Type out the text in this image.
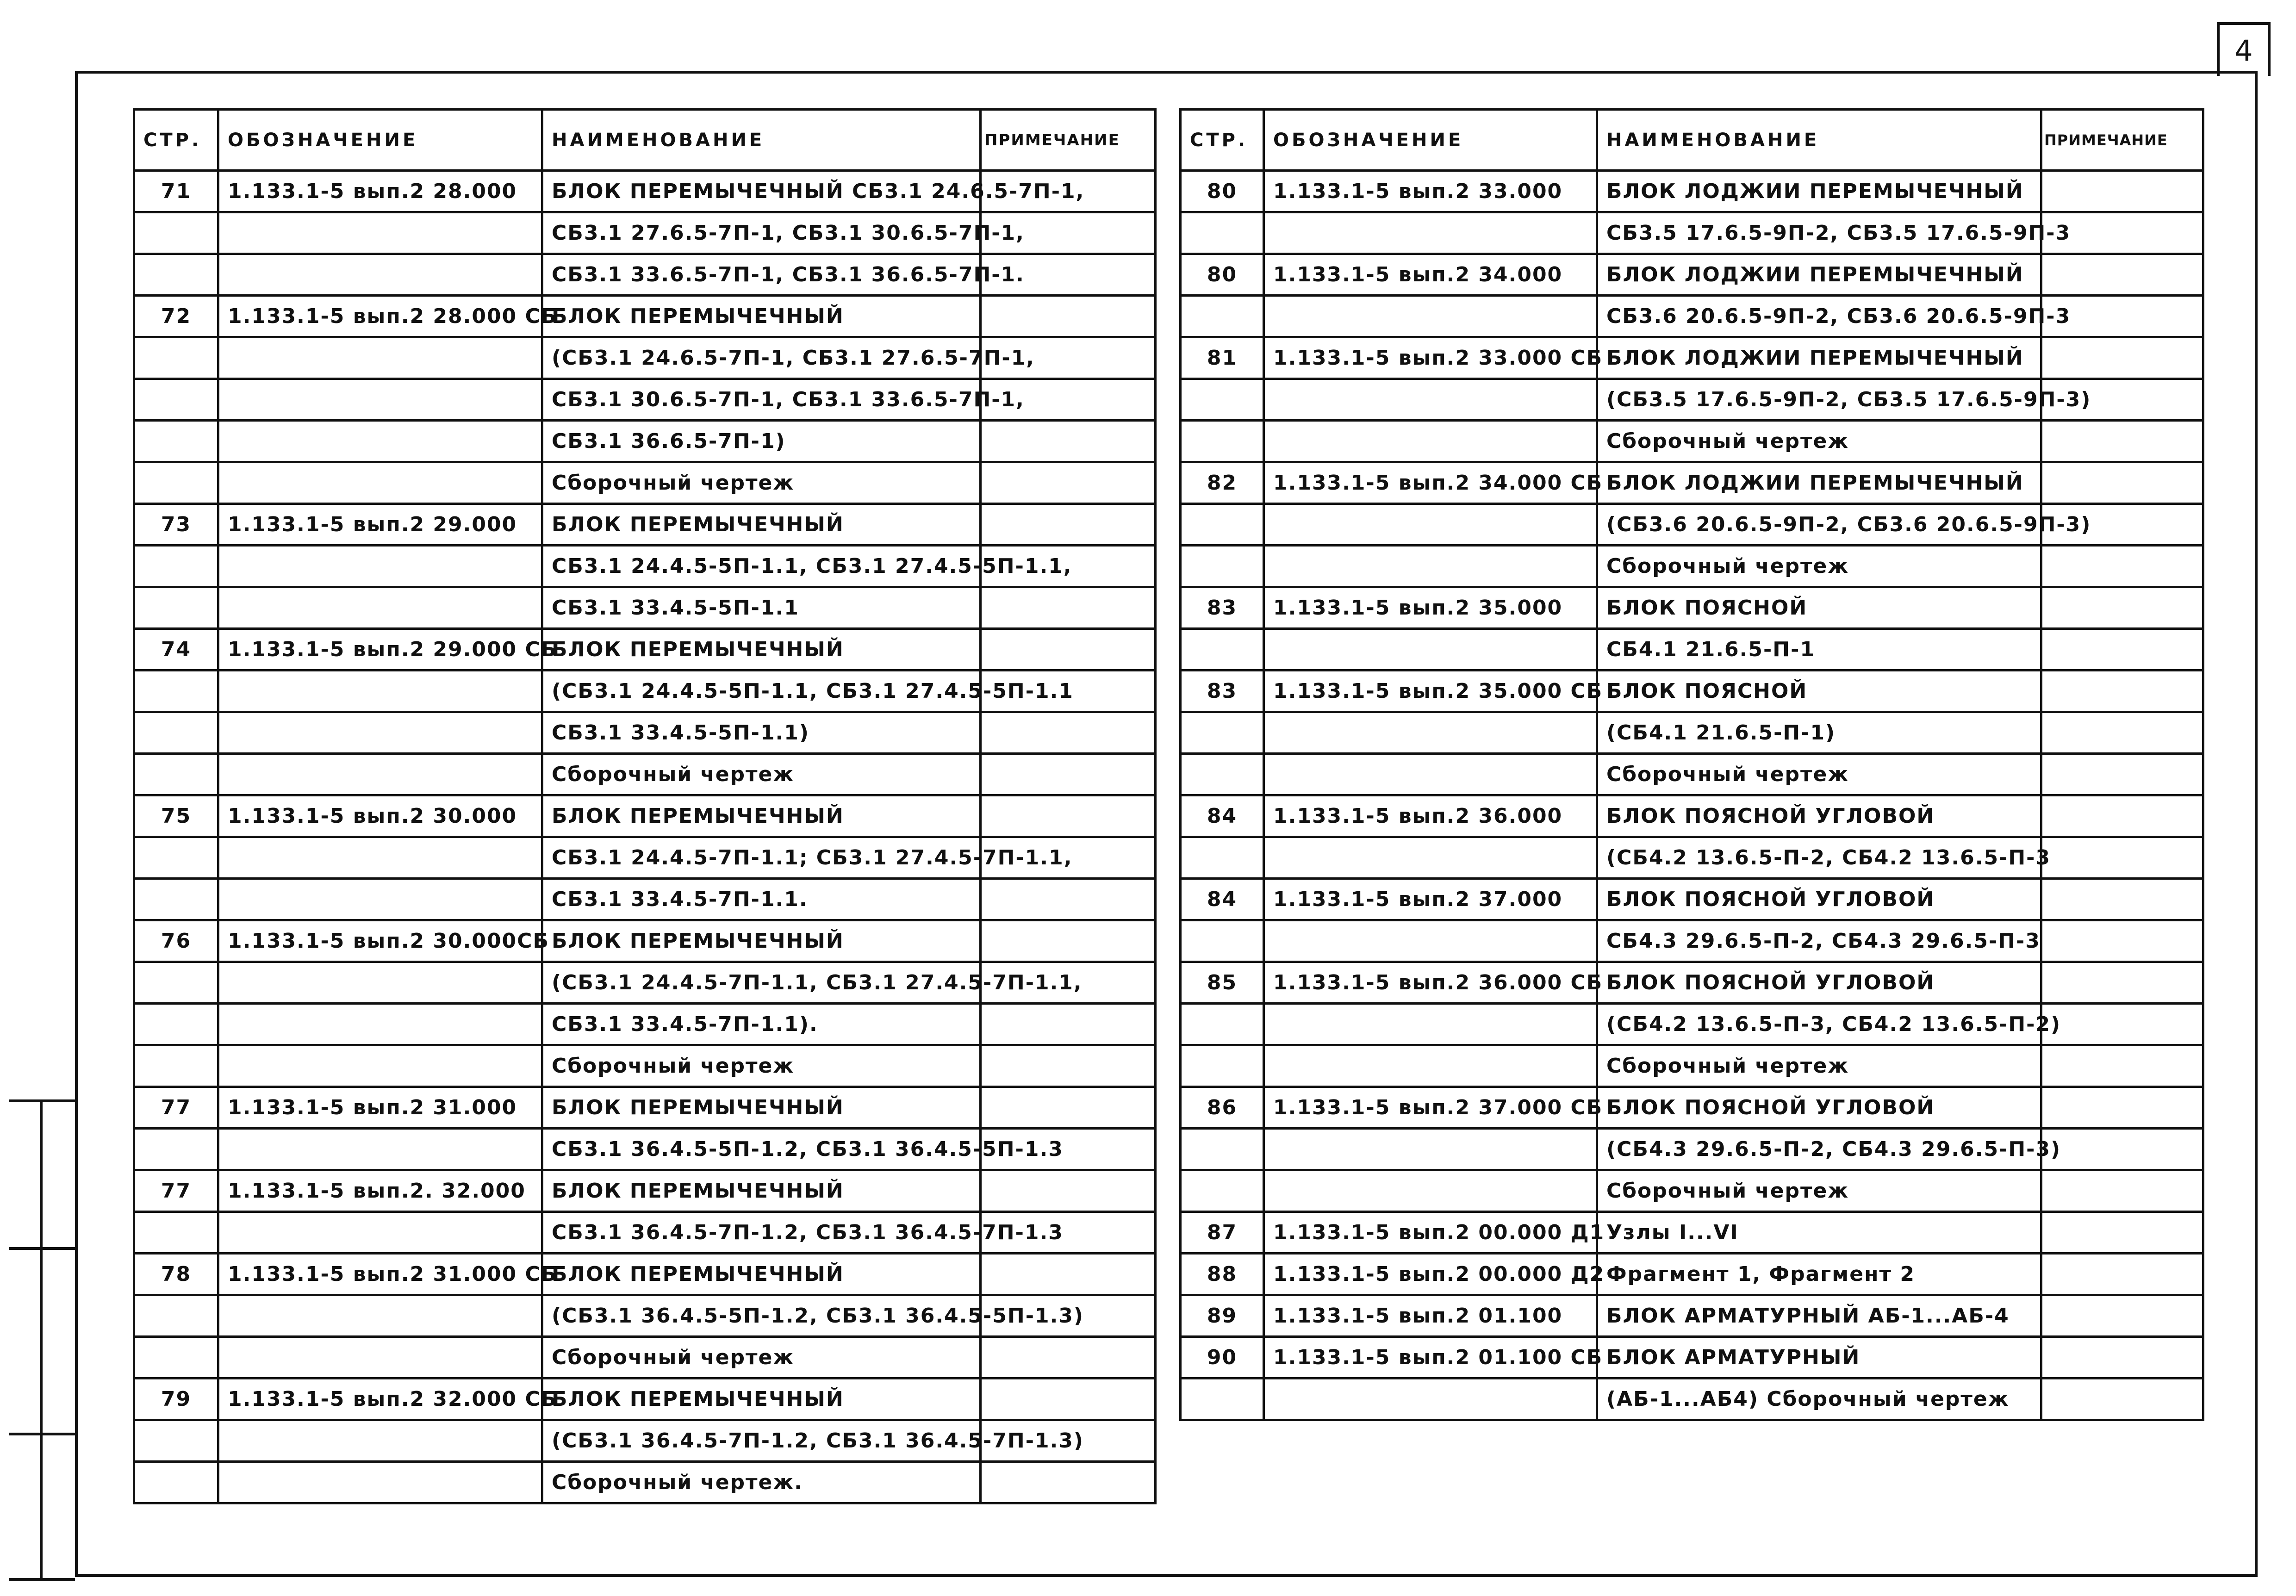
4
СТР.	ОБОЗНАЧЕНИЕ	НАИМЕНОВАНИЕ	ПРИМЕЧАНИЕ
71	1.133.1-5 вып.2 28.000	БЛОК ПЕРЕМЫЧЕЧНЫЙ СБ3.1 24.6.5-7П-1,	
		СБ3.1 27.6.5-7П-1, СБ3.1 30.6.5-7П-1,	
		СБ3.1 33.6.5-7П-1, СБ3.1 36.6.5-7П-1.	
72	1.133.1-5 вып.2 28.000 СБ	БЛОК ПЕРЕМЫЧЕЧНЫЙ	
		(СБ3.1 24.6.5-7П-1, СБ3.1 27.6.5-7П-1,	
		СБ3.1 30.6.5-7П-1, СБ3.1 33.6.5-7П-1,	
		СБ3.1 36.6.5-7П-1)	
		Сборочный чертеж	
73	1.133.1-5 вып.2 29.000	БЛОК ПЕРЕМЫЧЕЧНЫЙ	
		СБ3.1 24.4.5-5П-1.1, СБ3.1 27.4.5-5П-1.1,	
		СБ3.1 33.4.5-5П-1.1	
74	1.133.1-5 вып.2 29.000 СБ	БЛОК ПЕРЕМЫЧЕЧНЫЙ	
		(СБ3.1 24.4.5-5П-1.1, СБ3.1 27.4.5-5П-1.1	
		СБ3.1 33.4.5-5П-1.1)	
		Сборочный чертеж	
75	1.133.1-5 вып.2 30.000	БЛОК ПЕРЕМЫЧЕЧНЫЙ	
		СБ3.1 24.4.5-7П-1.1; СБ3.1 27.4.5-7П-1.1,	
		СБ3.1 33.4.5-7П-1.1.	
76	1.133.1-5 вып.2 30.000СБ	БЛОК ПЕРЕМЫЧЕЧНЫЙ	
		(СБ3.1 24.4.5-7П-1.1, СБ3.1 27.4.5-7П-1.1,	
		СБ3.1 33.4.5-7П-1.1).	
		Сборочный чертеж	
77	1.133.1-5 вып.2 31.000	БЛОК ПЕРЕМЫЧЕЧНЫЙ	
		СБ3.1 36.4.5-5П-1.2, СБ3.1 36.4.5-5П-1.3	
77	1.133.1-5 вып.2. 32.000	БЛОК ПЕРЕМЫЧЕЧНЫЙ	
		СБ3.1 36.4.5-7П-1.2, СБ3.1 36.4.5-7П-1.3	
78	1.133.1-5 вып.2 31.000 СБ	БЛОК ПЕРЕМЫЧЕЧНЫЙ	
		(СБ3.1 36.4.5-5П-1.2, СБ3.1 36.4.5-5П-1.3)	
		Сборочный чертеж	
79	1.133.1-5 вып.2 32.000 СБ	БЛОК ПЕРЕМЫЧЕЧНЫЙ	
		(СБ3.1 36.4.5-7П-1.2, СБ3.1 36.4.5-7П-1.3)	
		Сборочный чертеж.	
СТР.	ОБОЗНАЧЕНИЕ	НАИМЕНОВАНИЕ	ПРИМЕЧАНИЕ
80	1.133.1-5 вып.2 33.000	БЛОК ЛОДЖИИ ПЕРЕМЫЧЕЧНЫЙ	
		СБ3.5 17.6.5-9П-2, СБ3.5 17.6.5-9П-3	
80	1.133.1-5 вып.2 34.000	БЛОК ЛОДЖИИ ПЕРЕМЫЧЕЧНЫЙ	
		СБ3.6 20.6.5-9П-2, СБ3.6 20.6.5-9П-3	
81	1.133.1-5 вып.2 33.000 СБ	БЛОК ЛОДЖИИ ПЕРЕМЫЧЕЧНЫЙ	
		(СБ3.5 17.6.5-9П-2, СБ3.5 17.6.5-9П-3)	
		Сборочный чертеж	
82	1.133.1-5 вып.2 34.000 СБ	БЛОК ЛОДЖИИ ПЕРЕМЫЧЕЧНЫЙ	
		(СБ3.6 20.6.5-9П-2, СБ3.6 20.6.5-9П-3)	
		Сборочный чертеж	
83	1.133.1-5 вып.2 35.000	БЛОК ПОЯСНОЙ	
		СБ4.1 21.6.5-П-1	
83	1.133.1-5 вып.2 35.000 СБ	БЛОК ПОЯСНОЙ	
		(СБ4.1 21.6.5-П-1)	
		Сборочный чертеж	
84	1.133.1-5 вып.2 36.000	БЛОК ПОЯСНОЙ УГЛОВОЙ	
		(СБ4.2 13.6.5-П-2, СБ4.2 13.6.5-П-3	
84	1.133.1-5 вып.2 37.000	БЛОК ПОЯСНОЙ УГЛОВОЙ	
		СБ4.3 29.6.5-П-2, СБ4.3 29.6.5-П-3	
85	1.133.1-5 вып.2 36.000 СБ	БЛОК ПОЯСНОЙ УГЛОВОЙ	
		(СБ4.2 13.6.5-П-3, СБ4.2 13.6.5-П-2)	
		Сборочный чертеж	
86	1.133.1-5 вып.2 37.000 СБ	БЛОК ПОЯСНОЙ УГЛОВОЙ	
		(СБ4.3 29.6.5-П-2, СБ4.3 29.6.5-П-3)	
		Сборочный чертеж	
87	1.133.1-5 вып.2 00.000 Д1	Узлы I...VI	
88	1.133.1-5 вып.2 00.000 Д2	Фрагмент 1, Фрагмент 2	
89	1.133.1-5 вып.2 01.100	БЛОК АРМАТУРНЫЙ АБ-1...АБ-4	
90	1.133.1-5 вып.2 01.100 СБ	БЛОК АРМАТУРНЫЙ	
		(АБ-1...АБ4) Сборочный чертеж	
